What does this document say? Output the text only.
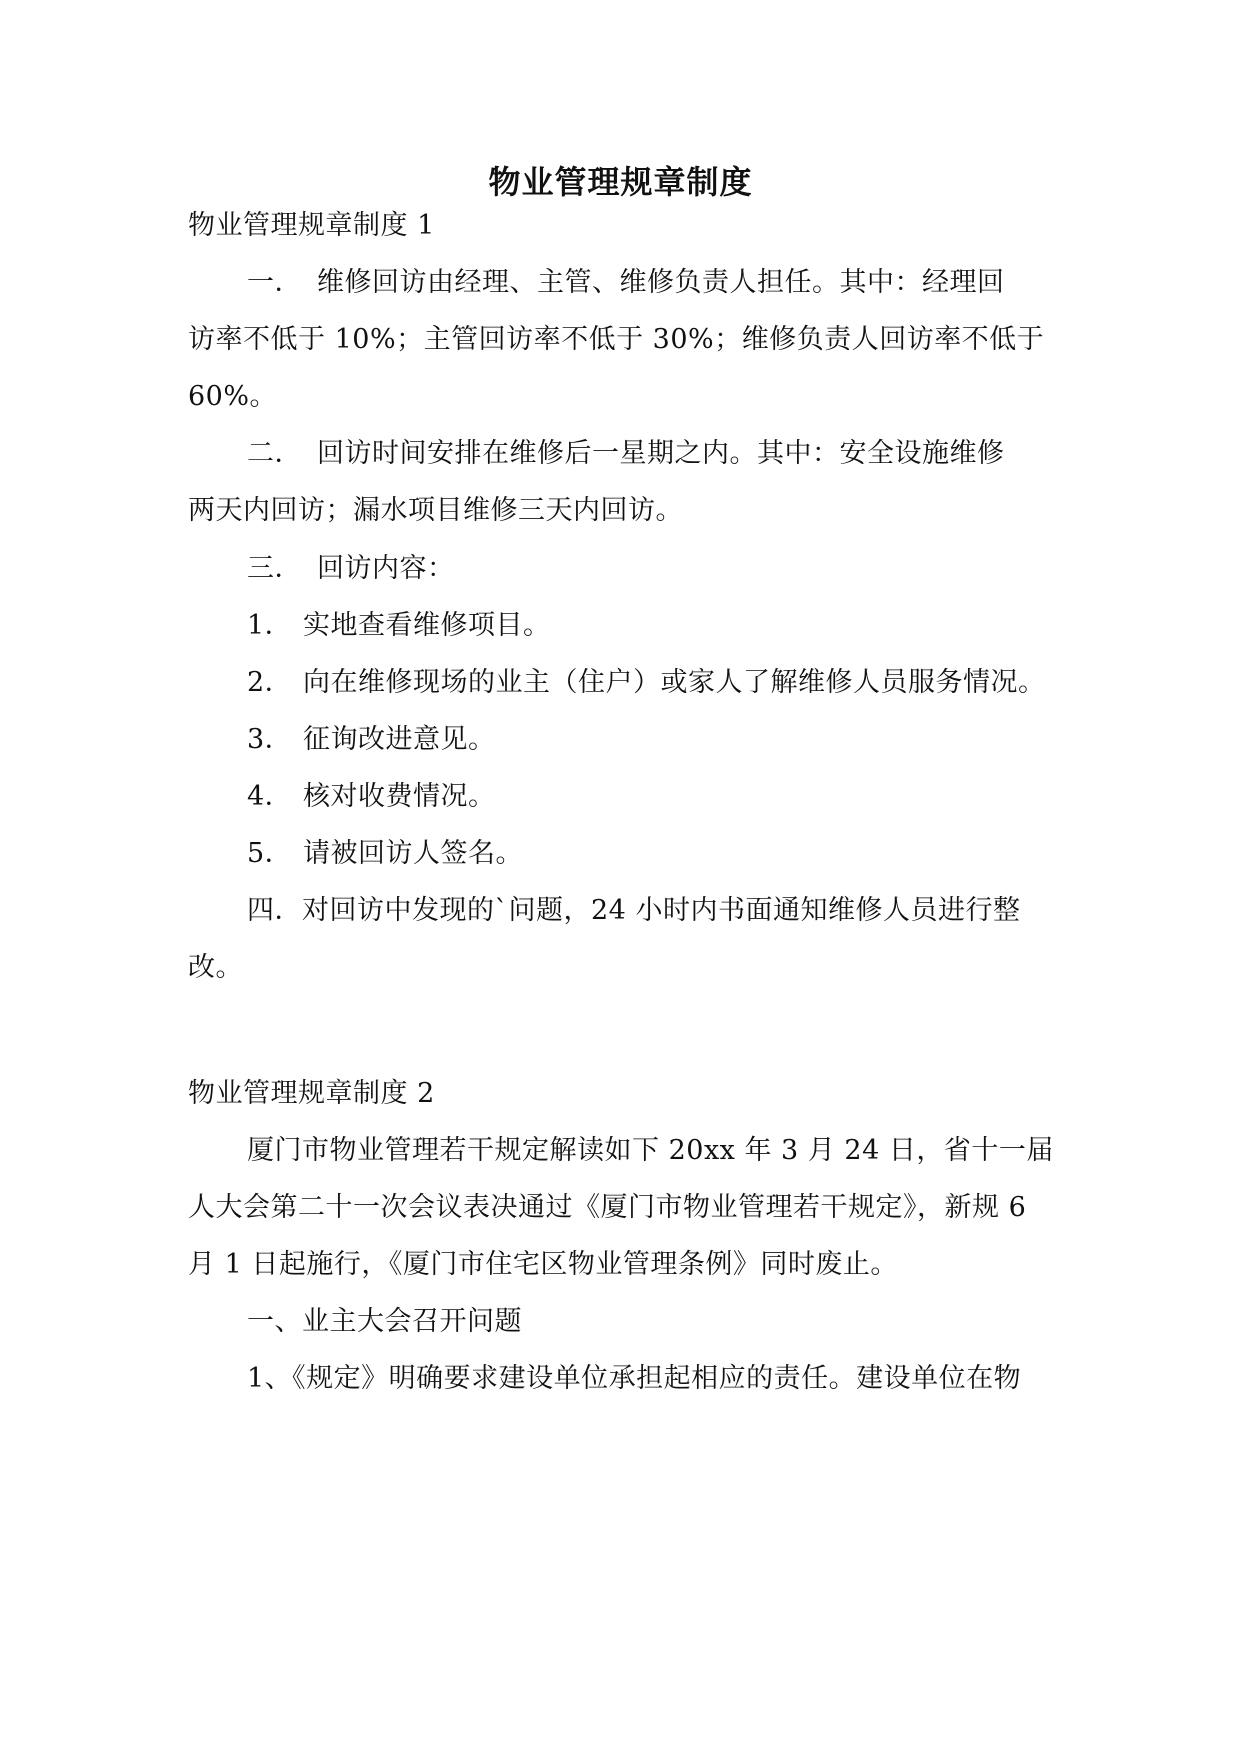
物业管理规章制度
物业管理规章制度 1
一． 维修回访由经理、主管、维修负责人担任。其中：经理回
访率不低于 10%；主管回访率不低于 30%；维修负责人回访率不低于
60%。
二． 回访时间安排在维修后一星期之内。其中：安全设施维修
两天内回访；漏水项目维修三天内回访。
三． 回访内容：
1． 实地查看维修项目。
2． 向在维修现场的业主（住户）或家人了解维修人员服务情况。
3． 征询改进意见。
4． 核对收费情况。
5． 请被回访人签名。
四．对回访中发现的`问题，24 小时内书面通知维修人员进行整
改。
物业管理规章制度 2
厦门市物业管理若干规定解读如下 20xx 年 3 月 24 日，省十一届
人大会第二十一次会议表决通过《厦门市物业管理若干规定》，新规 6
月 1 日起施行，《厦门市住宅区物业管理条例》同时废止。
一、业主大会召开问题
1、《规定》明确要求建设单位承担起相应的责任。建设单位在物
